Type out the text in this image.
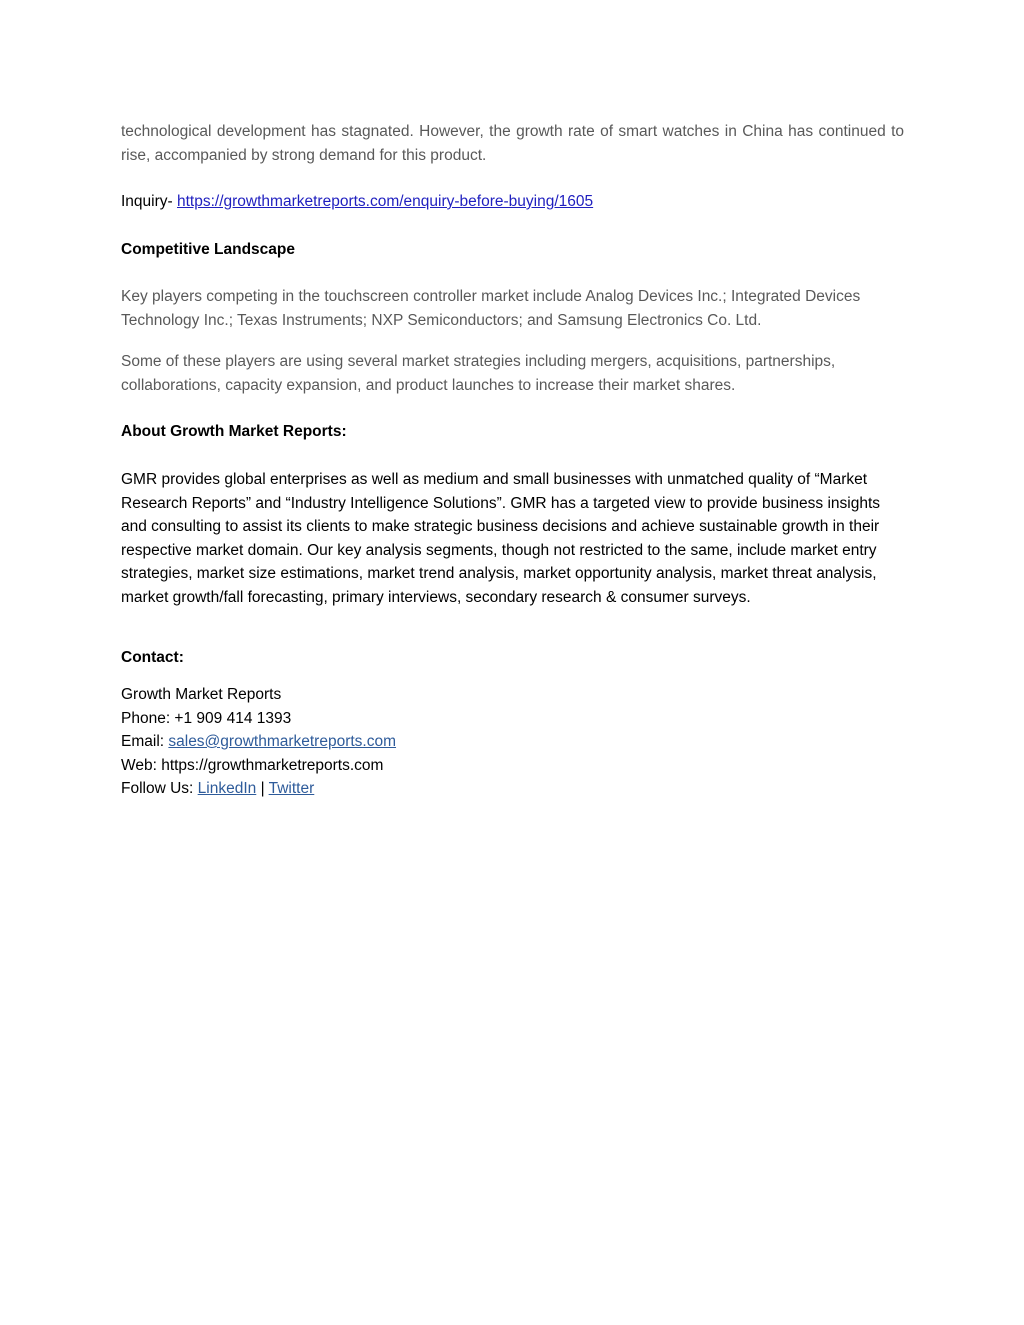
technological development has stagnated. However, the growth rate of smart watches in China has continued to rise, accompanied by strong demand for this product.

Inquiry- https://growthmarketreports.com/enquiry-before-buying/1605

Competitive Landscape

Key players competing in the touchscreen controller market include Analog Devices Inc.; Integrated Devices Technology Inc.; Texas Instruments; NXP Semiconductors; and Samsung Electronics Co. Ltd.

Some of these players are using several market strategies including mergers, acquisitions, partnerships, collaborations, capacity expansion, and product launches to increase their market shares.

About Growth Market Reports:

GMR provides global enterprises as well as medium and small businesses with unmatched quality of “Market Research Reports” and “Industry Intelligence Solutions”. GMR has a targeted view to provide business insights and consulting to assist its clients to make strategic business decisions and achieve sustainable growth in their respective market domain. Our key analysis segments, though not restricted to the same, include market entry strategies, market size estimations, market trend analysis, market opportunity analysis, market threat analysis, market growth/fall forecasting, primary interviews, secondary research & consumer surveys.

Contact:

Growth Market Reports
Phone: +1 909 414 1393
Email: sales@growthmarketreports.com
Web: https://growthmarketreports.com
Follow Us: LinkedIn | Twitter
